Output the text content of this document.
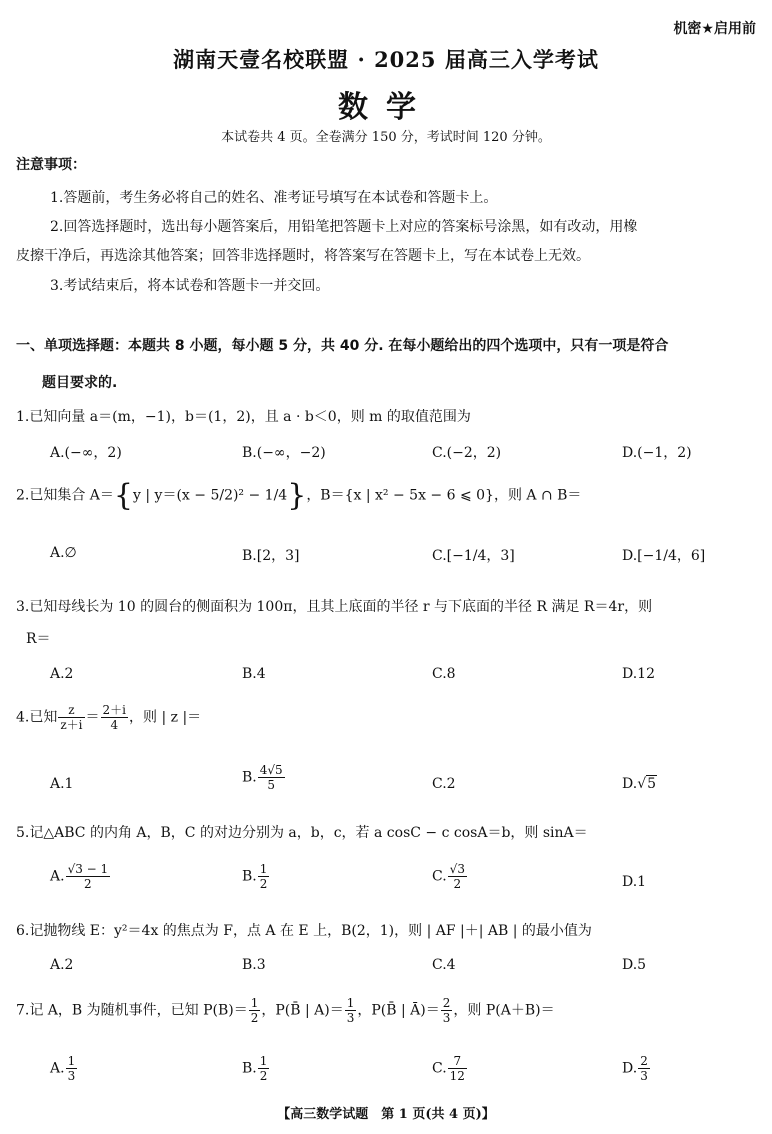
机密★启用前
湖南天壹名校联盟 · 2025 届高三入学考试
数学
本试卷共 4 页。全卷满分 150 分，考试时间 120 分钟。
注意事项：
1.答题前，考生务必将自己的姓名、准考证号填写在本试卷和答题卡上。
2.回答选择题时，选出每小题答案后，用铅笔把答题卡上对应的答案标号涂黑，如有改动，用橡
皮擦干净后，再选涂其他答案；回答非选择题时，将答案写在答题卡上，写在本试卷上无效。
3.考试结束后，将本试卷和答题卡一并交回。
一、单项选择题：本题共 8 小题，每小题 5 分，共 40 分. 在每小题给出的四个选项中，只有一项是符合
题目要求的.
1.已知向量 a＝(m，−1)，b＝(1，2)，且 a · b＜0，则 m 的取值范围为
A.(−∞，2)	B.(−∞，−2)	C.(−2，2)	D.(−1，2)
2.已知集合 A＝{y | y＝(x − 5/2)² − 1/4}，B＝{x | x² − 5x − 6 ⩽ 0}，则 A ∩ B＝
A.∅	B.[2，3]	C.[−1/4，3]	D.[−1/4，6]
3.已知母线长为 10 的圆台的侧面积为 100π，且其上底面的半径 r 与下底面的半径 R 满足 R＝4r，则
R＝
A.2	B.4	C.8	D.12
4.已知 $\frac{z}{z+i} = \frac{2+i}{4}$ ，则 | z |＝
A.1	B. $\frac{4√5}{5}$	C.2	D.√5
5.记△ABC 的内角 A，B，C 的对边分别为 a，b，c，若 a cosC − c cosA＝b，则 sinA＝
A. $\frac{√3 - 1}{2}$	B. $\frac{1}{2}$	C. $\frac{√3}{2}$	D.1
6.记抛物线 E：y²＝4x 的焦点为 F，点 A 在 E 上，B(2，1)，则 | AF |＋| AB | 的最小值为
A.2	B.3	C.4	D.5
7.记 A，B 为随机事件，已知 $P(B)= \frac{1}{2}$ ，P(B̄ | $A)= \frac{1}{3}$ ，P(B̄ | Ā)＝ $\frac{2}{3}$ ，则 P(A＋B)＝
A. $\frac{1}{3}$	B. $\frac{1}{2}$	C. $\frac{7}{12}$	D. $\frac{2}{3}$
【高三数学试题　第 1 页(共 4 页)】
